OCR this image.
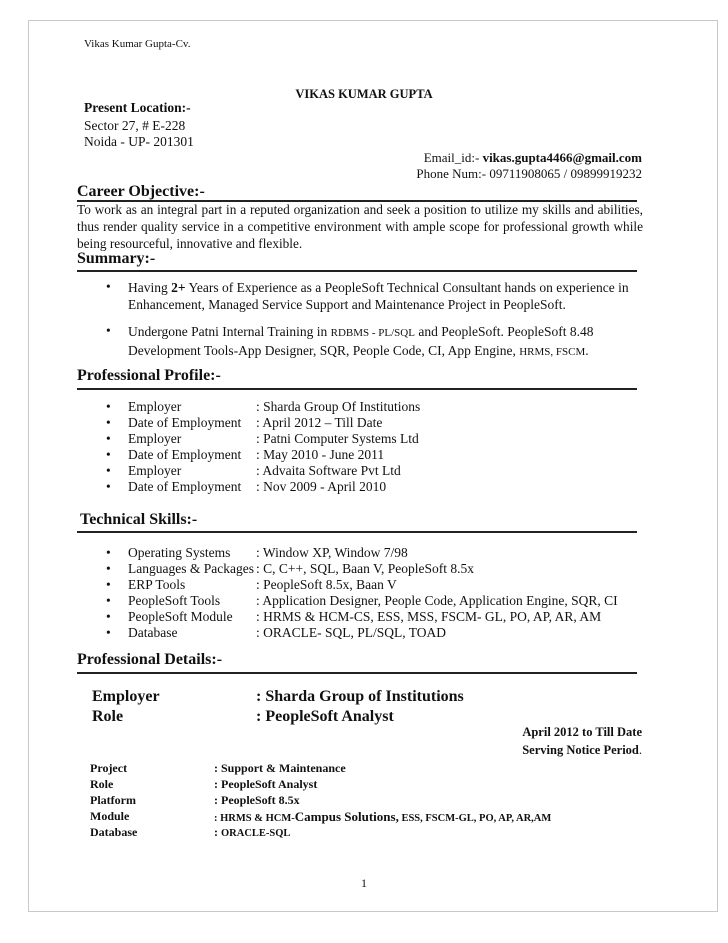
Vikas Kumar Gupta-Cv.
VIKAS KUMAR GUPTA
Present Location:-
Sector 27, # E-228
Noida - UP- 201301
Email_id:- vikas.gupta4466@gmail.com
Phone Num:- 09711908065 / 09899919232
Career Objective:-
To work as an integral part in a reputed organization and seek a position to utilize my skills and abilities, thus render quality service in a competitive environment with ample scope for professional growth while being resourceful, innovative and flexible.
Summary:-
• Having 2+ Years of Experience as a PeopleSoft Technical Consultant hands on experience in Enhancement, Managed Service Support and Maintenance Project in PeopleSoft.
• Undergone Patni Internal Training in RDBMS - PL/SQL and PeopleSoft. PeopleSoft 8.48 Development Tools-App Designer, SQR, People Code, CI, App Engine, HRMS, FSCM.
Professional Profile:-
• Employer	: Sharda Group Of Institutions
• Date of Employment : April 2012 – Till Date
• Employer	: Patni Computer Systems Ltd
• Date of Employment : May 2010 - June 2011
• Employer	: Advaita Software Pvt Ltd
• Date of Employment : Nov 2009 - April 2010
Technical Skills:-
• Operating Systems : Window XP, Window 7/98
• Languages & Packages : C, C++, SQL, Baan V, PeopleSoft 8.5x
• ERP Tools	: PeopleSoft 8.5x, Baan V
• PeopleSoft Tools	: Application Designer, People Code, Application Engine, SQR, CI
• PeopleSoft Module : HRMS & HCM-CS, ESS, MSS, FSCM- GL, PO, AP, AR, AM
• Database	: ORACLE- SQL, PL/SQL, TOAD
Professional Details:-
Employer	: Sharda Group of Institutions
Role	: PeopleSoft Analyst
April 2012 to Till Date
Serving Notice Period.
Project	: Support & Maintenance
Role	: PeopleSoft Analyst
Platform	: PeopleSoft 8.5x
Module	: HRMS & HCM-Campus Solutions, ESS, FSCM-GL, PO, AP, AR,AM
Database	: ORACLE-SQL
1
